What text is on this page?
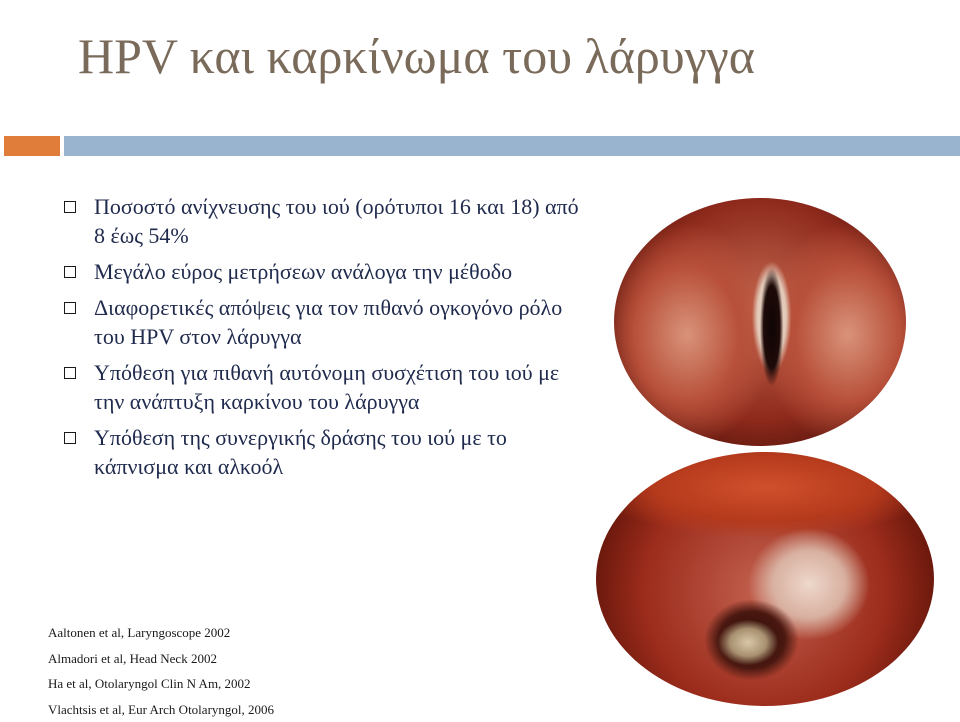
HPV και καρκίνωμα του λάρυγγα
Ποσοστό ανίχνευσης του ιού (ορότυποι 16 και 18) από 8 έως 54%
Μεγάλο εύρος μετρήσεων ανάλογα την μέθοδο
Διαφορετικές απόψεις για τον πιθανό ογκογόνο ρόλο του HPV στον λάρυγγα
Υπόθεση για πιθανή αυτόνομη συσχέτιση του ιού με την ανάπτυξη καρκίνου του λάρυγγα
Υπόθεση της συνεργικής δράσης του ιού με το κάπνισμα και αλκοόλ
Aaltonen et al, Laryngoscope 2002
Almadori et al, Head Neck 2002
Ha et al, Otolaryngol Clin N Am, 2002
Vlachtsis et al, Eur Arch Otolaryngol, 2006
